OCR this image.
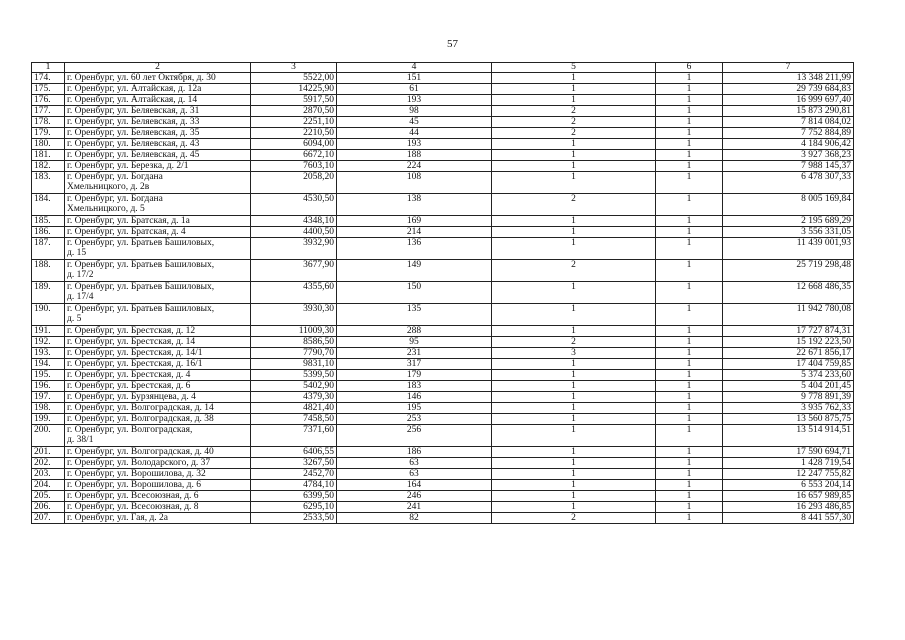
57
1	2	3	4	5	6	7
174.	г. Оренбург, ул. 60 лет Октября, д. 30	5522,00	151	1	1	13 348 211,99
175.	г. Оренбург, ул. Алтайская, д. 12а	14225,90	61	1	1	29 739 684,83
176.	г. Оренбург, ул. Алтайская, д. 14	5917,50	193	1	1	16 999 697,40
177.	г. Оренбург, ул. Беляевская, д. 31	2870,50	98	2	1	15 873 290,81
178.	г. Оренбург, ул. Беляевская, д. 33	2251,10	45	2	1	7 814 084,02
179.	г. Оренбург, ул. Беляевская, д. 35	2210,50	44	2	1	7 752 884,89
180.	г. Оренбург, ул. Беляевская, д. 43	6094,00	193	1	1	4 184 906,42
181.	г. Оренбург, ул. Беляевская, д. 45	6672,10	188	1	1	3 927 368,23
182.	г. Оренбург, ул. Березка, д. 2/1	7603,10	224	1	1	7 988 145,37
183.	г. Оренбург, ул. Богдана
Хмельницкого, д. 2в	2058,20	108	1	1	6 478 307,33
184.	г. Оренбург, ул. Богдана
Хмельницкого, д. 5	4530,50	138	2	1	8 005 169,84
185.	г. Оренбург, ул. Братская, д. 1а	4348,10	169	1	1	2 195 689,29
186.	г. Оренбург, ул. Братская, д. 4	4400,50	214	1	1	3 556 331,05
187.	г. Оренбург, ул. Братьев Башиловых,
д. 15	3932,90	136	1	1	11 439 001,93
188.	г. Оренбург, ул. Братьев Башиловых,
д. 17/2	3677,90	149	2	1	25 719 298,48
189.	г. Оренбург, ул. Братьев Башиловых,
д. 17/4	4355,60	150	1	1	12 668 486,35
190.	г. Оренбург, ул. Братьев Башиловых,
д. 5	3930,30	135	1	1	11 942 780,08
191.	г. Оренбург, ул. Брестская, д. 12	11009,30	288	1	1	17 727 874,31
192.	г. Оренбург, ул. Брестская, д. 14	8586,50	95	2	1	15 192 223,50
193.	г. Оренбург, ул. Брестская, д. 14/1	7790,70	231	3	1	22 671 856,17
194.	г. Оренбург, ул. Брестская, д. 16/1	9831,10	317	1	1	17 404 759,85
195.	г. Оренбург, ул. Брестская, д. 4	5399,50	179	1	1	5 374 233,60
196.	г. Оренбург, ул. Брестская, д. 6	5402,90	183	1	1	5 404 201,45
197.	г. Оренбург, ул. Бурзянцева, д. 4	4379,30	146	1	1	9 778 891,39
198.	г. Оренбург, ул. Волгоградская, д. 14	4821,40	195	1	1	3 935 762,33
199.	г. Оренбург, ул. Волгоградская, д. 38	7458,50	253	1	1	13 560 875,75
200.	г. Оренбург, ул. Волгоградская,
д. 38/1	7371,60	256	1	1	13 514 914,51
201.	г. Оренбург, ул. Волгоградская, д. 40	6406,55	186	1	1	17 590 694,71
202.	г. Оренбург, ул. Володарского, д. 37	3267,50	63	1	1	1 428 719,54
203.	г. Оренбург, ул. Ворошилова, д. 32	2452,70	63	1	1	12 247 755,82
204.	г. Оренбург, ул. Ворошилова, д. 6	4784,10	164	1	1	6 553 204,14
205.	г. Оренбург, ул. Всесоюзная, д. 6	6399,50	246	1	1	16 657 989,85
206.	г. Оренбург, ул. Всесоюзная, д. 8	6295,10	241	1	1	16 293 486,85
207.	г. Оренбург, ул. Гая, д. 2а	2533,50	82	2	1	8 441 557,30
